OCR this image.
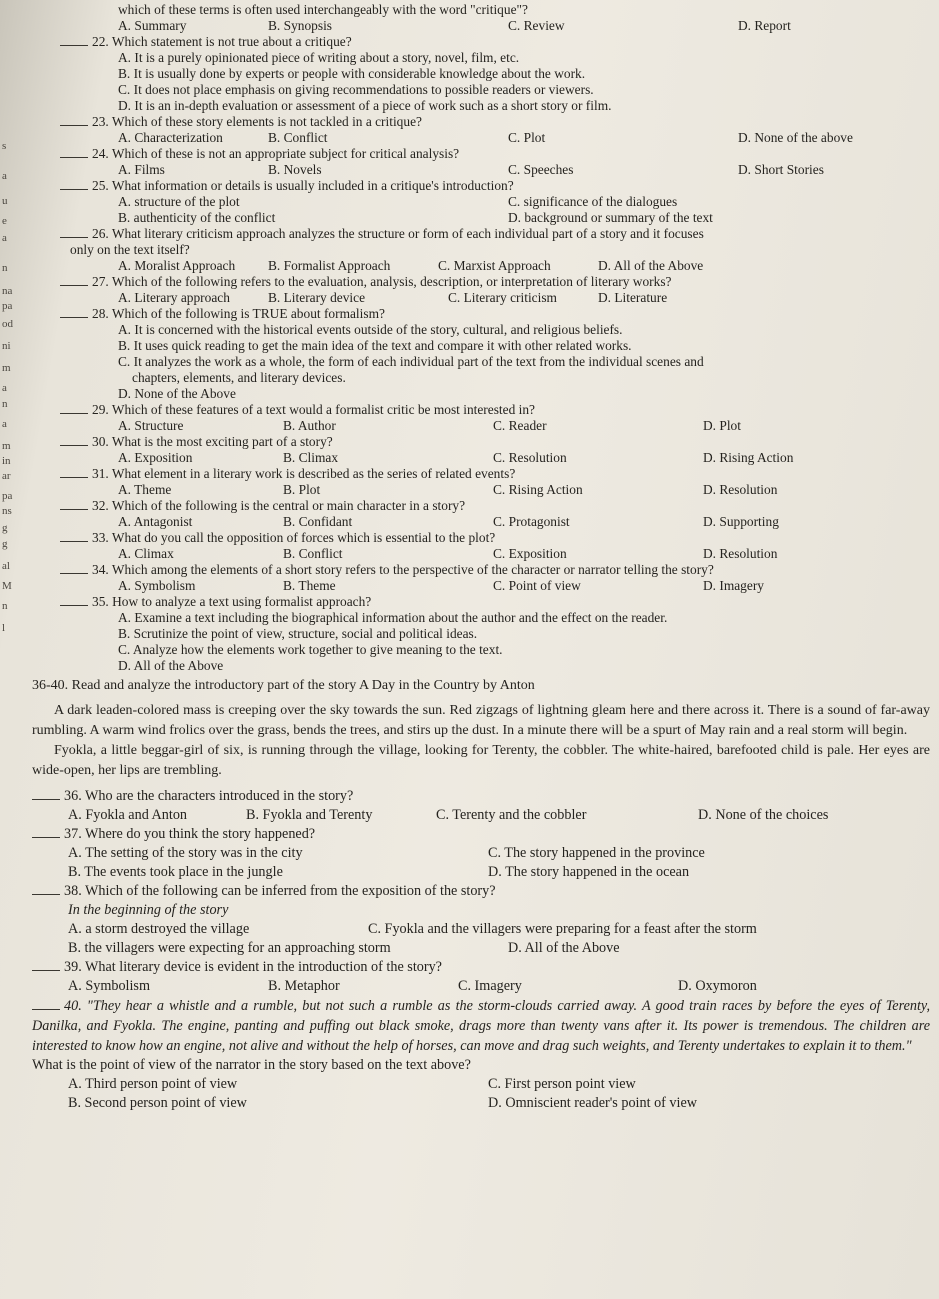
s
a
u
e
a
n
na
pa
od
ni
m
a
n
a
m
in
ar
pa
ns
g
g
al
M
n
l
which of these terms is often used interchangeably with the word "critique"?
A. Summary	B. Synopsis	C. Review	D. Report
22. Which statement is not true about a critique?
A. It is a purely opinionated piece of writing about a story, novel, film, etc.
B. It is usually done by experts or people with considerable knowledge about the work.
C. It does not place emphasis on giving recommendations to possible readers or viewers.
D. It is an in-depth evaluation or assessment of a piece of work such as a short story or film.
23. Which of these story elements is not tackled in a critique?
A. Characterization	B. Conflict	C. Plot	D. None of the above
24. Which of these is not an appropriate subject for critical analysis?
A. Films	B. Novels	C. Speeches	D. Short Stories
25. What information or details is usually included in a critique's introduction?
A. structure of the plot	C. significance of the dialogues
B. authenticity of the conflict	D. background or summary of the text
26. What literary criticism approach analyzes the structure or form of each individual part of a story and it focuses
only on the text itself?
A. Moralist Approach	B. Formalist Approach	C. Marxist Approach	D. All of the Above
27. Which of the following refers to the evaluation, analysis, description, or interpretation of literary works?
A. Literary approach	B. Literary device	C. Literary criticism	D. Literature
28. Which of the following is TRUE about formalism?
A. It is concerned with the historical events outside of the story, cultural, and religious beliefs.
B. It uses quick reading to get the main idea of the text and compare it with other related works.
C. It analyzes the work as a whole, the form of each individual part of the text from the individual scenes and
chapters, elements, and literary devices.
D. None of the Above
29. Which of these features of a text would a formalist critic be most interested in?
A. Structure	B. Author	C. Reader	D. Plot
30. What is the most exciting part of a story?
A. Exposition	B. Climax	C. Resolution	D. Rising Action
31. What element in a literary work is described as the series of related events?
A. Theme	B. Plot	C. Rising Action	D. Resolution
32. Which of the following is the central or main character in a story?
A. Antagonist	B. Confidant	C. Protagonist	D. Supporting
33. What do you call the opposition of forces which is essential to the plot?
A. Climax	B. Conflict	C. Exposition	D. Resolution
34. Which among the elements of a short story refers to the perspective of the character or narrator telling the story?
A. Symbolism	B. Theme	C. Point of view	D. Imagery
35. How to analyze a text using formalist approach?
A. Examine a text including the biographical information about the author and the effect on the reader.
B. Scrutinize the point of view, structure, social and political ideas.
C. Analyze how the elements work together to give meaning to the text.
D. All of the Above
36-40. Read and analyze the introductory part of the story A Day in the Country by Anton

A dark leaden-colored mass is creeping over the sky towards the sun. Red zigzags of lightning gleam here and there across it. There is a sound of far-away rumbling. A warm wind frolics over the grass, bends the trees, and stirs up the dust. In a minute there will be a spurt of May rain and a real storm will begin.

Fyokla, a little beggar-girl of six, is running through the village, looking for Terenty, the cobbler. The white-haired, barefooted child is pale. Her eyes are wide-open, her lips are trembling.

36. Who are the characters introduced in the story?
A. Fyokla and Anton	B. Fyokla and Terenty	C. Terenty and the cobbler	D. None of the choices
37. Where do you think the story happened?
A. The setting of the story was in the city	C. The story happened in the province
B. The events took place in the jungle	D. The story happened in the ocean
38. Which of the following can be inferred from the exposition of the story?
In the beginning of the story
A. a storm destroyed the village	C. Fyokla and the villagers were preparing for a feast after the storm
B. the villagers were expecting for an approaching storm	D. All of the Above
39. What literary device is evident in the introduction of the story?
A. Symbolism	B. Metaphor	C. Imagery	D. Oxymoron
40. "They hear a whistle and a rumble, but not such a rumble as the storm-clouds carried away. A good train races by before the eyes of Terenty, Danilka, and Fyokla. The engine, panting and puffing out black smoke, drags more than twenty vans after it. Its power is tremendous. The children are interested to know how an engine, not alive and without the help of horses, can move and drag such weights, and Terenty undertakes to explain it to them."
What is the point of view of the narrator in the story based on the text above?
A. Third person point of view	C. First person point view
B. Second person point of view	D. Omniscient reader's point of view
